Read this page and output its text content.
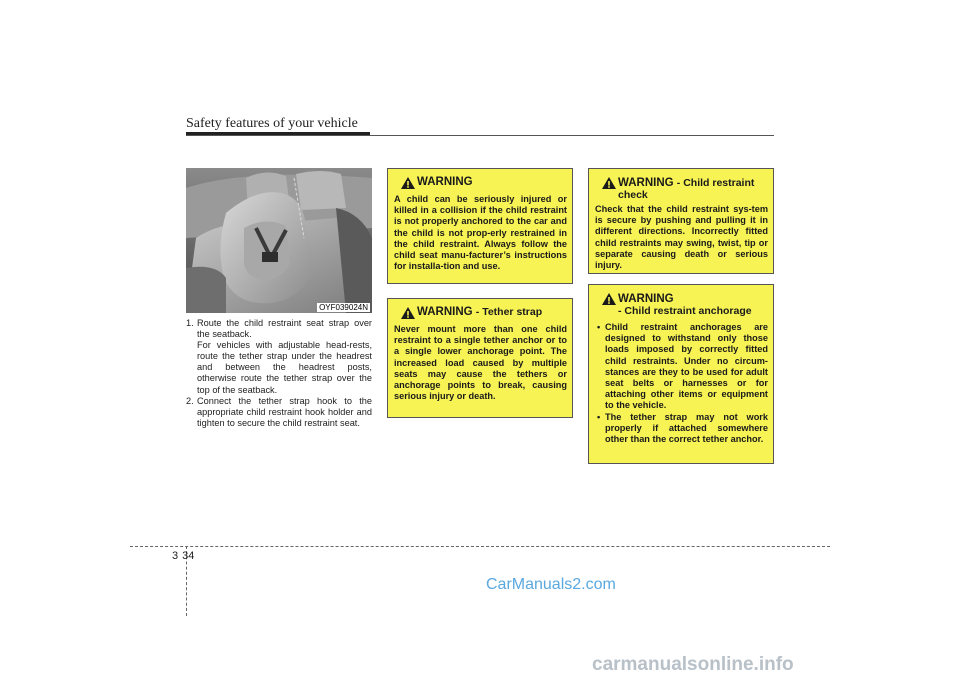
Safety features of your vehicle
OYF039024N
1. Route the child restraint seat strap over the seatback.

For vehicles with adjustable head-rests, route the tether strap under the headrest and between the headrest posts, otherwise route the tether strap over the top of the seatback.

2. Connect the tether strap hook to the appropriate child restraint hook holder and tighten to secure the child restraint seat.

WARNING
A child can be seriously injured or killed in a collision if the child restraint is not properly anchored to the car and the child is not prop-erly restrained in the child restraint. Always follow the child seat manu-facturer’s instructions for installa-tion and use.
WARNING - Tether strap
Never mount more than one child restraint to a single tether anchor or to a single lower anchorage point. The increased load caused by multiple seats may cause the tethers or anchorage points to break, causing serious injury or death.
WARNING - Child restraint check
Check that the child restraint sys-tem is secure by pushing and pulling it in different directions. Incorrectly fitted child restraints may swing, twist, tip or separate causing death or serious injury.
WARNING
- Child restraint anchorage
• Child restraint anchorages are designed to withstand only those loads imposed by correctly fitted child restraints. Under no circum-stances are they to be used for adult seat belts or harnesses or for attaching other items or equipment to the vehicle.
• The tether strap may not work properly if attached somewhere other than the correct tether anchor.
3 34
CarManuals2.com
carmanualsonline.info
